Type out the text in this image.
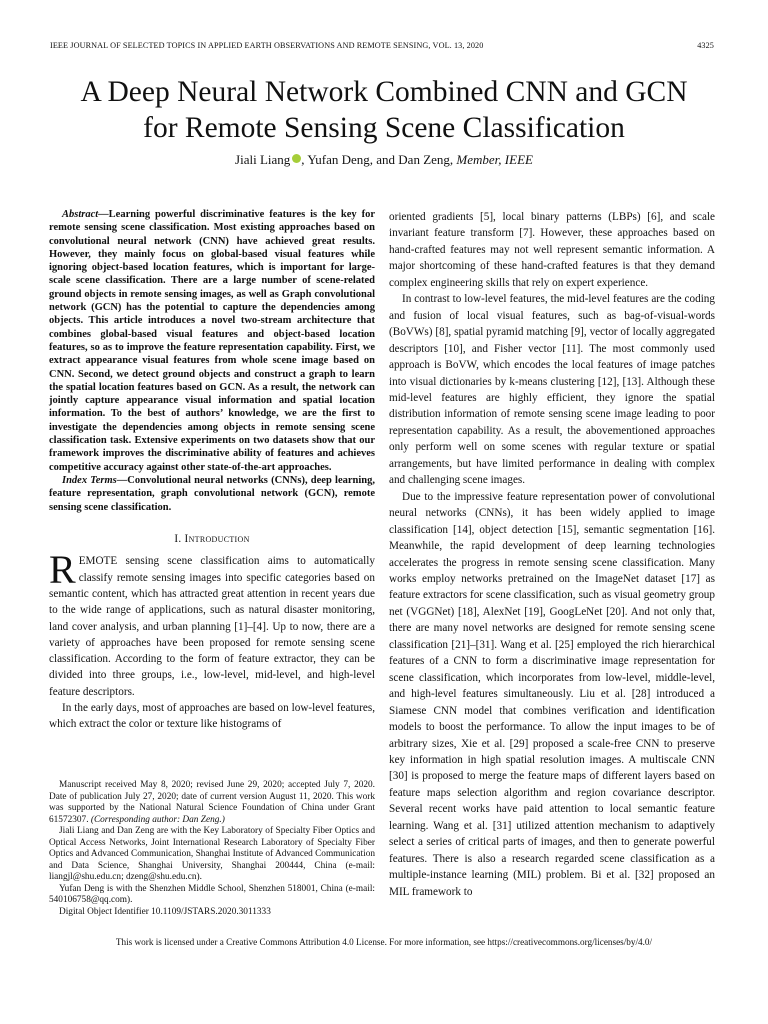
IEEE JOURNAL OF SELECTED TOPICS IN APPLIED EARTH OBSERVATIONS AND REMOTE SENSING, VOL. 13, 2020	4325
A Deep Neural Network Combined CNN and GCN
for Remote Sensing Scene Classification
Jiali Liang , Yufan Deng, and Dan Zeng, Member, IEEE

Abstract—Learning powerful discriminative features is the key for remote sensing scene classification. Most existing approaches based on convolutional neural network (CNN) have achieved great results. However, they mainly focus on global-based visual features while ignoring object-based location features, which is important for large-scale scene classification. There are a large number of scene-related ground objects in remote sensing images, as well as Graph convolutional network (GCN) has the potential to capture the dependencies among objects. This article introduces a novel two-stream architecture that combines global-based visual features and object-based location features, so as to improve the feature representation capability. First, we extract appearance visual features from whole scene image based on CNN. Second, we detect ground objects and construct a graph to learn the spatial location features based on GCN. As a result, the network can jointly capture appearance visual information and spatial location information. To the best of authors’ knowledge, we are the first to investigate the dependencies among objects in remote sensing scene classification task. Extensive experiments on two datasets show that our framework improves the discriminative ability of features and achieves competitive accuracy against other state-of-the-art approaches.

Index Terms—Convolutional neural networks (CNNs), deep learning, feature representation, graph convolutional network (GCN), remote sensing scene classification.

I. Introduction

REMOTE sensing scene classification aims to automatically classify remote sensing images into specific categories based on semantic content, which has attracted great attention in recent years due to the wide range of applications, such as natural disaster monitoring, land cover analysis, and urban planning [1]–[4]. Up to now, there are a variety of approaches have been proposed for remote sensing scene classification. According to the form of feature extractor, they can be divided into three groups, i.e., low-level, mid-level, and high-level feature descriptors.

In the early days, most of approaches are based on low-level features, which extract the color or texture like histograms of

Manuscript received May 8, 2020; revised June 29, 2020; accepted July 7, 2020. Date of publication July 27, 2020; date of current version August 11, 2020. This work was supported by the National Natural Science Foundation of China under Grant 61572307. (Corresponding author: Dan Zeng.)

Jiali Liang and Dan Zeng are with the Key Laboratory of Specialty Fiber Optics and Optical Access Networks, Joint International Research Laboratory of Specialty Fiber Optics and Advanced Communication, Shanghai Institute of Advanced Communication and Data Science, Shanghai University, Shanghai 200444, China (e-mail: liangjl@shu.edu.cn; dzeng@shu.edu.cn).

Yufan Deng is with the Shenzhen Middle School, Shenzhen 518001, China (e-mail: 540106758@qq.com).

Digital Object Identifier 10.1109/JSTARS.2020.3011333

oriented gradients [5], local binary patterns (LBPs) [6], and scale invariant feature transform [7]. However, these approaches based on hand-crafted features may not well represent semantic information. A major shortcoming of these hand-crafted features is that they demand complex engineering skills that rely on expert experience.

In contrast to low-level features, the mid-level features are the coding and fusion of local visual features, such as bag-of-visual-words (BoVWs) [8], spatial pyramid matching [9], vector of locally aggregated descriptors [10], and Fisher vector [11]. The most commonly used approach is BoVW, which encodes the local features of image patches into visual dictionaries by k-means clustering [12], [13]. Although these mid-level features are highly efficient, they ignore the spatial distribution information of remote sensing scene image leading to poor representation capability. As a result, the abovementioned approaches only perform well on some scenes with regular texture or spatial arrangements, but have limited performance in dealing with complex and challenging scene images.

Due to the impressive feature representation power of convolutional neural networks (CNNs), it has been widely applied to image classification [14], object detection [15], semantic segmentation [16]. Meanwhile, the rapid development of deep learning technologies accelerates the progress in remote sensing scene classification. Many works employ networks pretrained on the ImageNet dataset [17] as feature extractors for scene classification, such as visual geometry group net (VGGNet) [18], AlexNet [19], GoogLeNet [20]. And not only that, there are many novel networks are designed for remote sensing scene classification [21]–[31]. Wang et al. [25] employed the rich hierarchical features of a CNN to form a discriminative image representation for scene classification, which incorporates from low-level, middle-level, and high-level features simultaneously. Liu et al. [28] introduced a Siamese CNN model that combines verification and identification models to boost the performance. To allow the input images to be of arbitrary sizes, Xie et al. [29] proposed a scale-free CNN to preserve key information in high spatial resolution images. A multiscale CNN [30] is proposed to merge the feature maps of different layers based on feature maps selection algorithm and region covariance descriptor. Several recent works have paid attention to local semantic feature learning. Wang et al. [31] utilized attention mechanism to adaptively select a series of critical parts of images, and then to generate powerful features. There is also a research regarded scene classification as a multiple-instance learning (MIL) problem. Bi et al. [32] proposed an MIL framework to

This work is licensed under a Creative Commons Attribution 4.0 License. For more information, see https://creativecommons.org/licenses/by/4.0/
